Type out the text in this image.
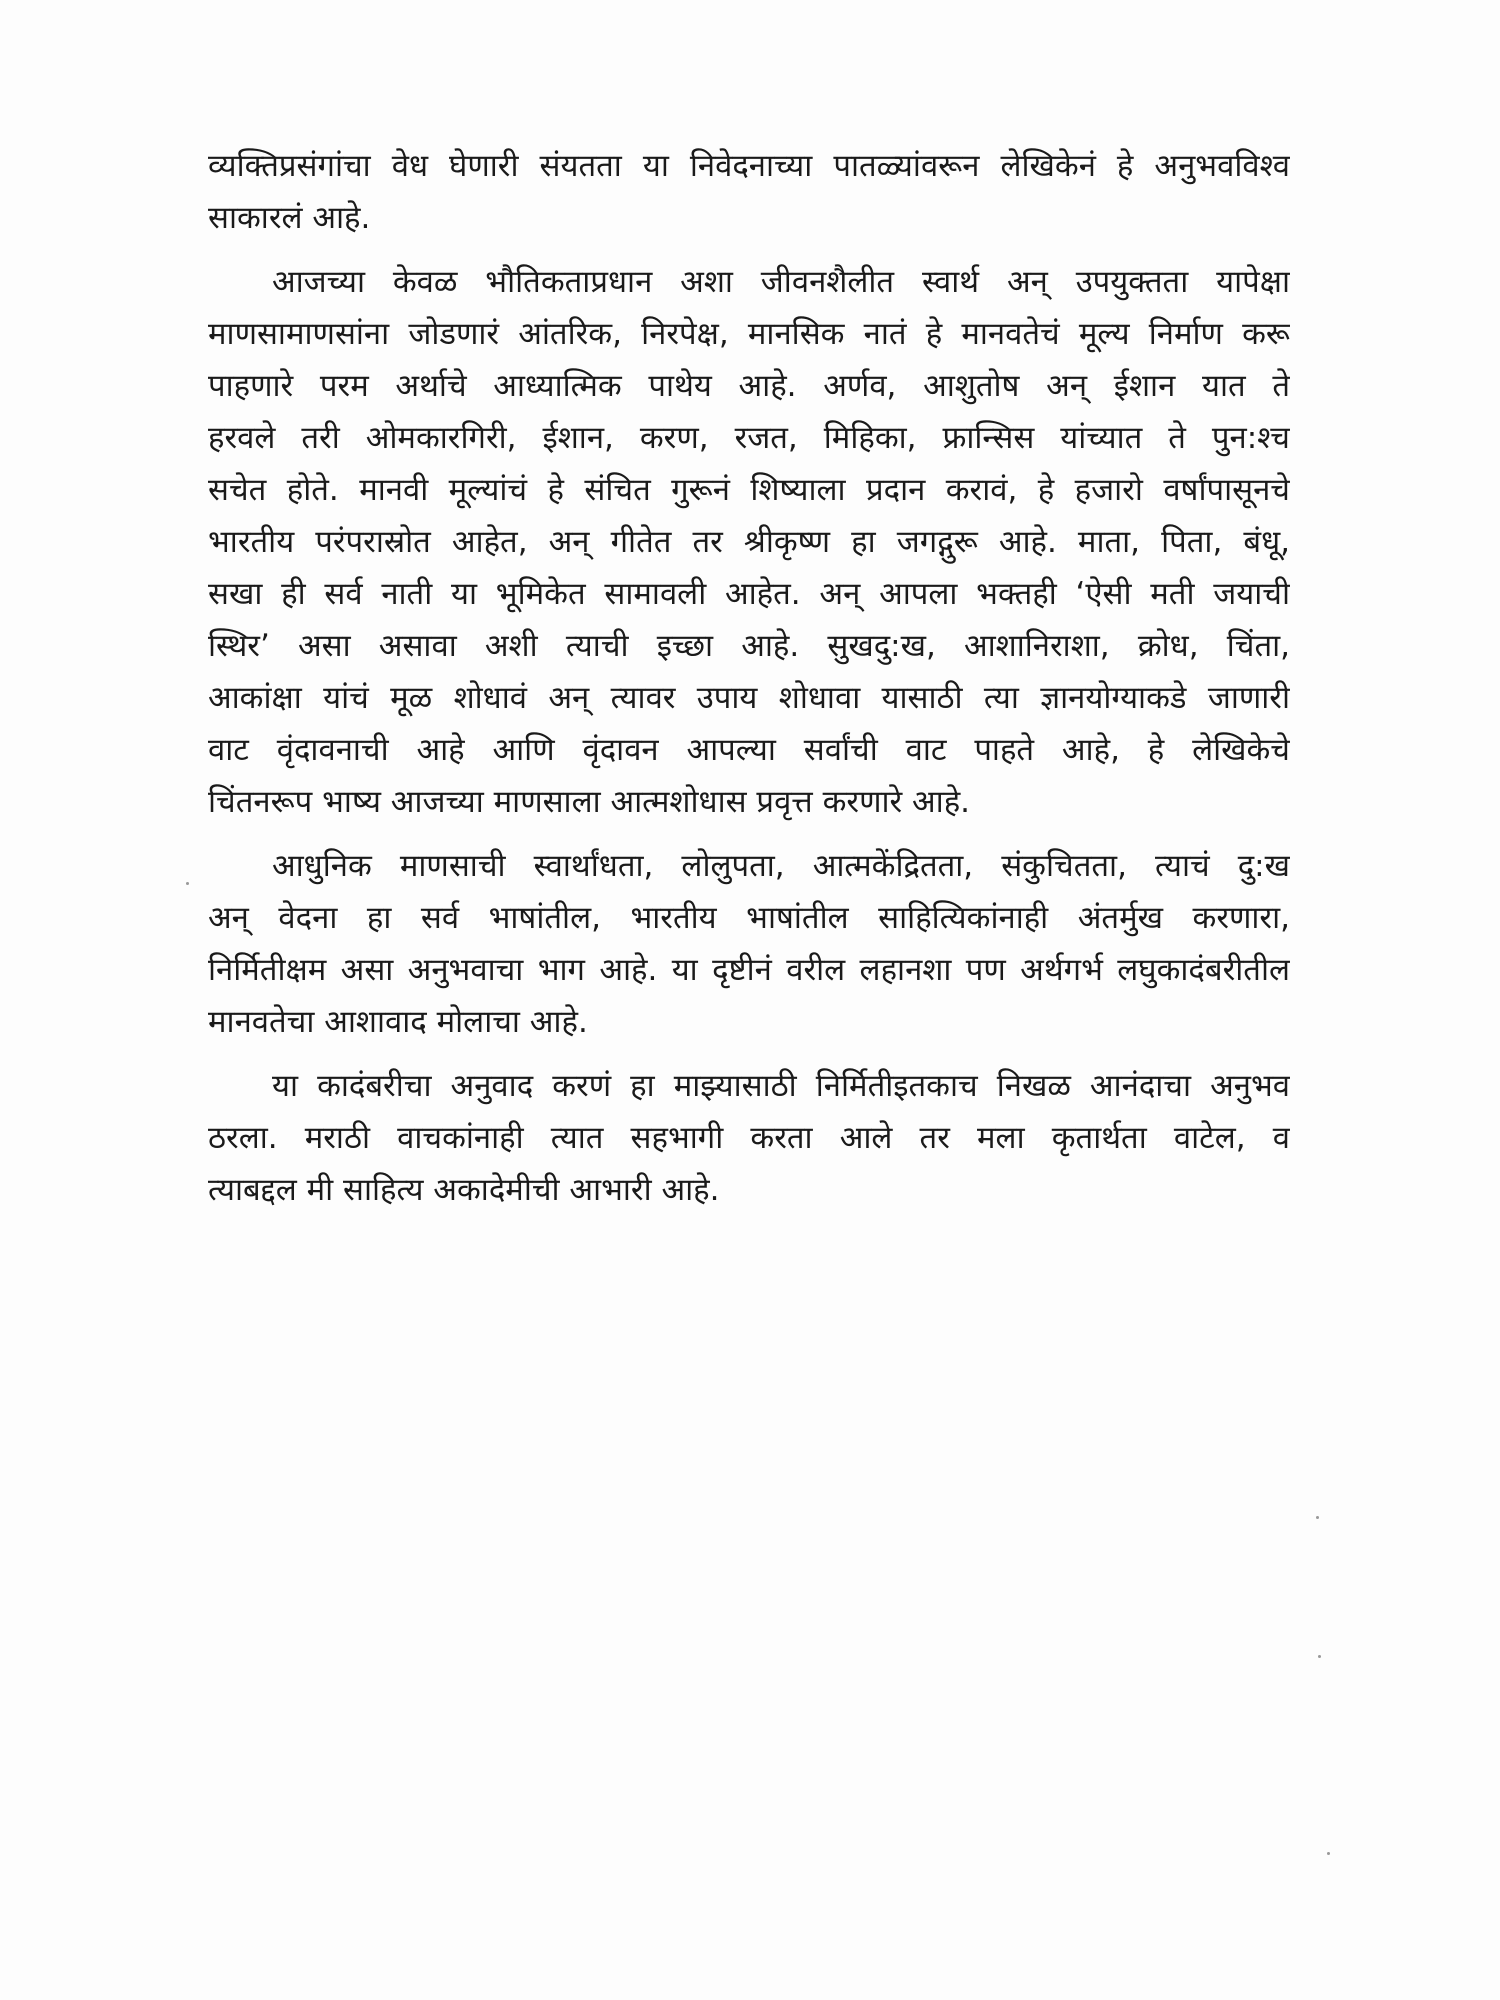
व्यक्तिप्रसंगांचा वेध घेणारी संयतता या निवेदनाच्या पातळ्यांवरून लेखिकेनं हे अनुभवविश्व
साकारलं आहे.

आजच्या केवळ भौतिकताप्रधान अशा जीवनशैलीत स्वार्थ अन् उपयुक्तता यापेक्षा
माणसामाणसांना जोडणारं आंतरिक, निरपेक्ष, मानसिक नातं हे मानवतेचं मूल्य निर्माण करू
पाहणारे परम अर्थाचे आध्यात्मिक पाथेय आहे. अर्णव, आशुतोष अन् ईशान यात ते
हरवले तरी ओमकारगिरी, ईशान, करण, रजत, मिहिका, फ्रान्सिस यांच्यात ते पुन:श्च
सचेत होते. मानवी मूल्यांचं हे संचित गुरूनं शिष्याला प्रदान करावं, हे हजारो वर्षांपासूनचे
भारतीय परंपरास्रोत आहेत, अन् गीतेत तर श्रीकृष्ण हा जगद्गुरू आहे. माता, पिता, बंधू,
सखा ही सर्व नाती या भूमिकेत सामावली आहेत. अन् आपला भक्तही ‘ऐसी मती जयाची
स्थिर’ असा असावा अशी त्याची इच्छा आहे. सुखदु:ख, आशानिराशा, क्रोध, चिंता,
आकांक्षा यांचं मूळ शोधावं अन् त्यावर उपाय शोधावा यासाठी त्या ज्ञानयोग्याकडे जाणारी
वाट वृंदावनाची आहे आणि वृंदावन आपल्या सर्वांची वाट पाहते आहे, हे लेखिकेचे
चिंतनरूप भाष्य आजच्या माणसाला आत्मशोधास प्रवृत्त करणारे आहे.

आधुनिक माणसाची स्वार्थांधता, लोलुपता, आत्मकेंद्रितता, संकुचितता, त्याचं दु:ख
अन् वेदना हा सर्व भाषांतील, भारतीय भाषांतील साहित्यिकांनाही अंतर्मुख करणारा,
निर्मितीक्षम असा अनुभवाचा भाग आहे. या दृष्टीनं वरील लहानशा पण अर्थगर्भ लघुकादंबरीतील
मानवतेचा आशावाद मोलाचा आहे.

या कादंबरीचा अनुवाद करणं हा माझ्यासाठी निर्मितीइतकाच निखळ आनंदाचा अनुभव
ठरला. मराठी वाचकांनाही त्यात सहभागी करता आले तर मला कृतार्थता वाटेल, व
त्याबद्दल मी साहित्य अकादेमीची आभारी आहे.
